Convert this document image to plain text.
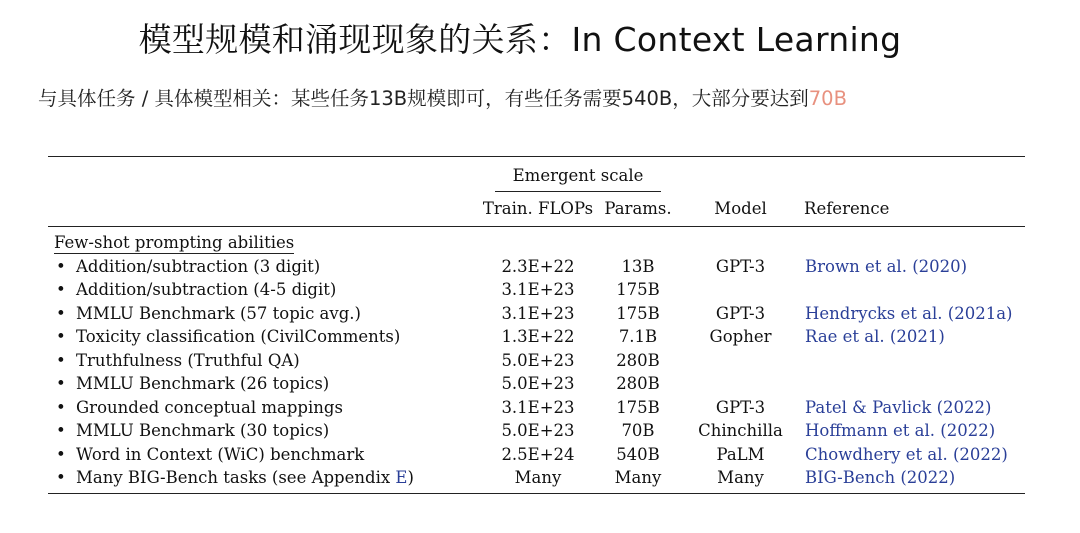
模型规模和涌现现象的关系：In Context Learning
与具体任务 / 具体模型相关：某些任务13B规模即可，有些任务需要540B，大部分要达到70B
	Emergent scale			
	Train. FLOPs	Params.	Model	Reference
Few-shot prompting abilities				
• Addition/subtraction (3 digit)	2.3E+22	13B	GPT-3	Brown et al. (2020)
• Addition/subtraction (4-5 digit)	3.1E+23	175B		
• MMLU Benchmark (57 topic avg.)	3.1E+23	175B	GPT-3	Hendrycks et al. (2021a)
• Toxicity classification (CivilComments)	1.3E+22	7.1B	Gopher	Rae et al. (2021)
• Truthfulness (Truthful QA)	5.0E+23	280B		
• MMLU Benchmark (26 topics)	5.0E+23	280B		
• Grounded conceptual mappings	3.1E+23	175B	GPT-3	Patel & Pavlick (2022)
• MMLU Benchmark (30 topics)	5.0E+23	70B	Chinchilla	Hoffmann et al. (2022)
• Word in Context (WiC) benchmark	2.5E+24	540B	PaLM	Chowdhery et al. (2022)
• Many BIG-Bench tasks (see Appendix E)	Many	Many	Many	BIG-Bench (2022)
